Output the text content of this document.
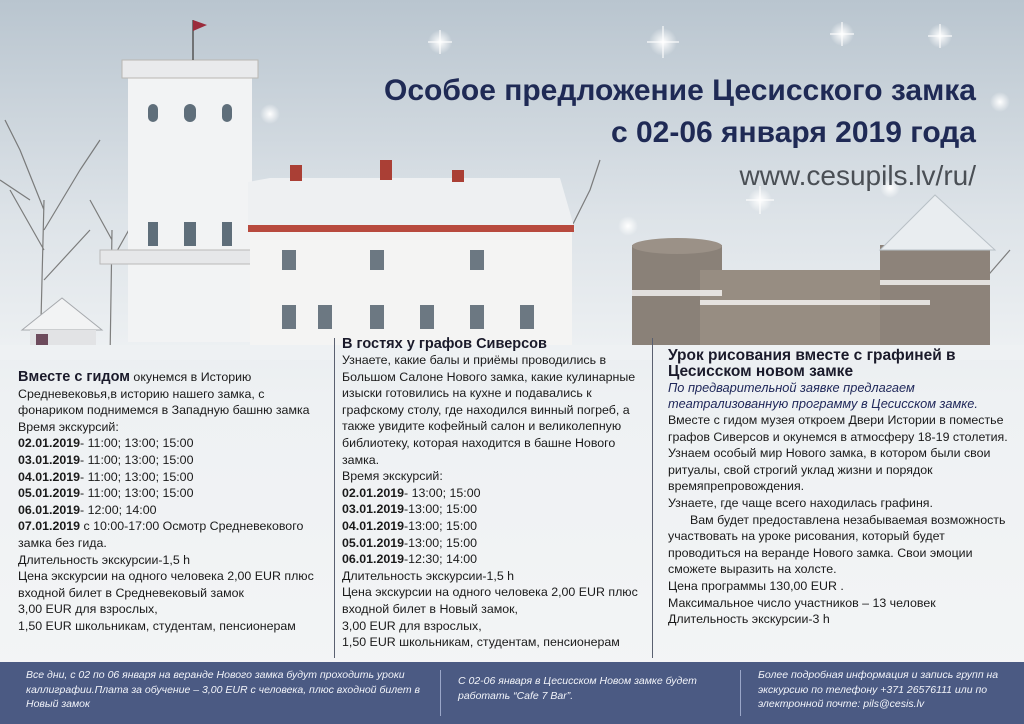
Особое предложение Цесисского замка
с 02-06 января 2019 года
www.cesupils.lv/ru/

Вместе с гидом окунемся в Историю Средневековья,в историю нашего замка, с фонариком поднимемся в Западную башню замка

Время экскурсий:

02.01.2019- 11:00; 13:00; 15:00

03.01.2019- 11:00; 13:00; 15:00

04.01.2019- 11:00; 13:00; 15:00

05.01.2019- 11:00; 13:00; 15:00

06.01.2019- 12:00; 14:00

07.01.2019 с 10:00-17:00 Осмотр Средневекового замка без гида.

Длительность экскурсии-1,5 h

Цена экскурсии на одного человека 2,00 EUR плюс входной билет в Средневековый замок

3,00 EUR для взрослых,

1,50 EUR школьникам, студентам, пенсионерам

В гостях у графов Сиверсов

Узнаете, какие балы и приёмы проводились в Большом Салоне Нового замка, какие кулинарные изыски готовились на кухне и подавались к графскому столу, где находился винный погреб, а также увидите кофейный салон и великолепную библиотеку, которая находится в башне Нового замка.

Время экскурсий:

02.01.2019- 13:00; 15:00

03.01.2019-13:00; 15:00

04.01.2019-13:00; 15:00

05.01.2019-13:00; 15:00

06.01.2019-12:30; 14:00

Длительность экскурсии-1,5 h

Цена экскурсии на одного человека 2,00 EUR плюс входной билет в Новый замок,

3,00 EUR для взрослых,

1,50 EUR школьникам, студентам, пенсионерам

Урок рисования вместе с графиней в Цесисском новом замке

По предварительной заявке предлагаем театрализованную программу в Цесисском замке.

Вместе с гидом музея откроем Двери Истории в поместье графов Сиверсов и окунемся в атмосферу 18-19 столетия. Узнаем особый мир Нового замка, в котором были свои ритуалы, свой строгий уклад жизни и порядок времяпрепровождения.

Узнаете, где чаще всего находилась графиня.

Вам будет предоставлена незабываемая возможность участвовать на уроке рисования, который будет проводиться на веранде Нового замка. Свои эмоции сможете выразить на холсте.

Цена программы 130,00 EUR .

Максимальное число участников – 13 человек

Длительность экскурсии-3 h

Все дни, с 02 по 06 января на веранде Нового замка будут проходить уроки каллиграфии.Плата за обучение – 3,00 EUR с человека, плюс входной билет в Новый замок
С 02-06 января в Цесисском Новом замке будет работать “Cafe 7 Bar”.
Более подробная информация и запись групп на экскурсию по телефону +371 26576111 или по электронной почте: pils@cesis.lv
